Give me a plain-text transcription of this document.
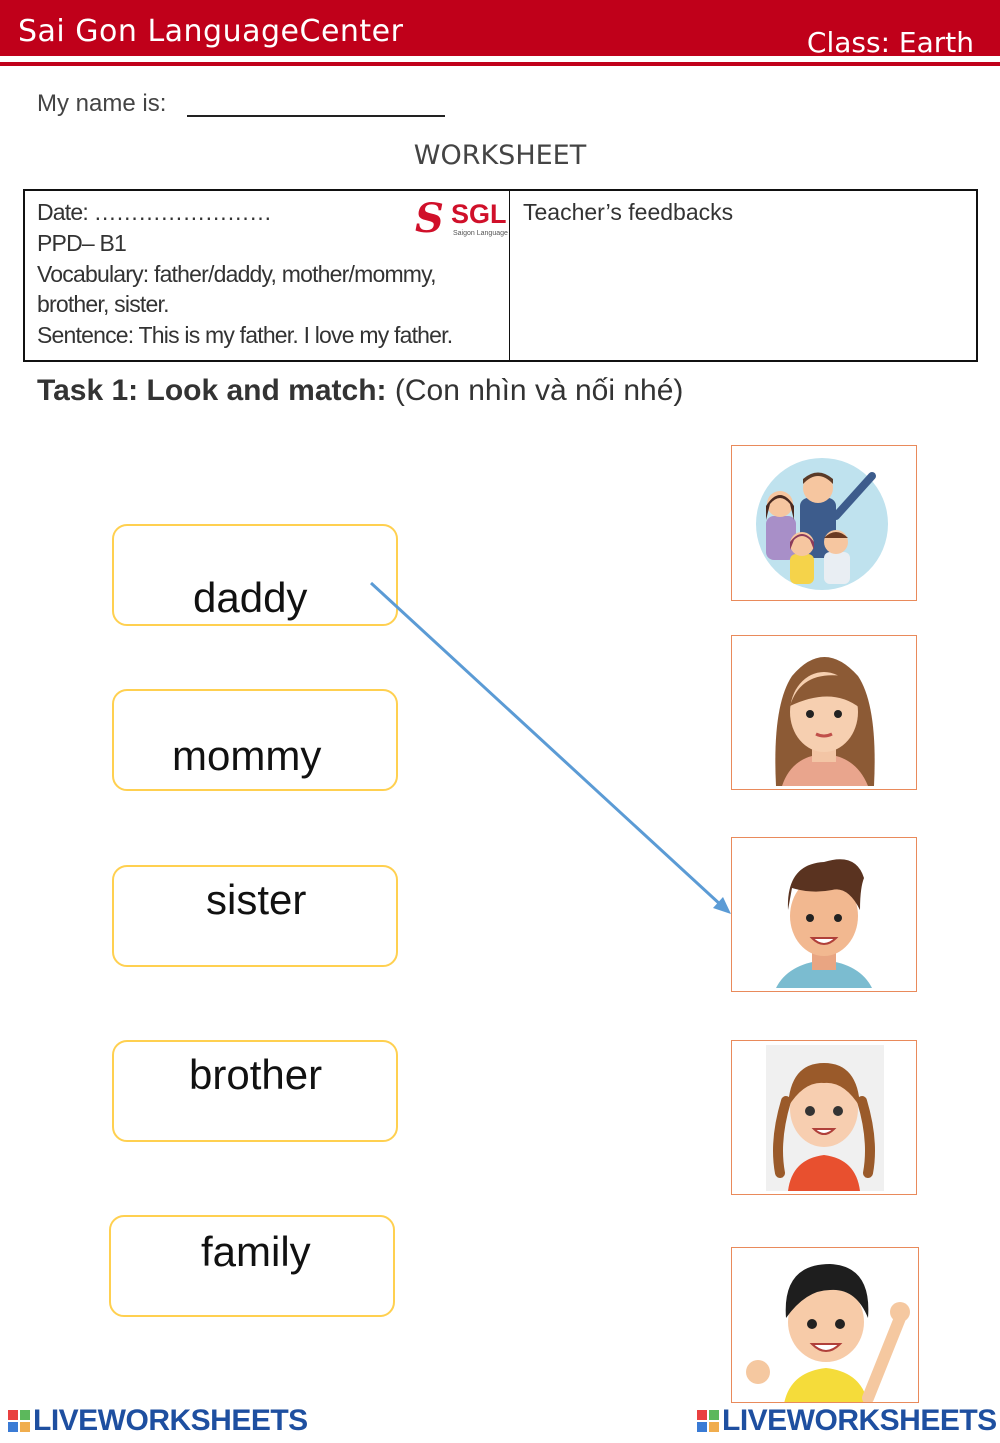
Sai Gon LanguageCenter	Class: Earth
My name is:
WORKSHEET
Date: ……………………
PPD– B1
Vocabulary: father/daddy, mother/mommy,
brother, sister.
Sentence: This is my father. I love my father.
S SGL
Saigon Language
Teacher’s feedbacks
Task 1: Look and match: (Con nhìn và nối nhé)
daddy
mommy
sister
brother
family
LIVEWORKSHEETS	LIVEWORKSHEETS
